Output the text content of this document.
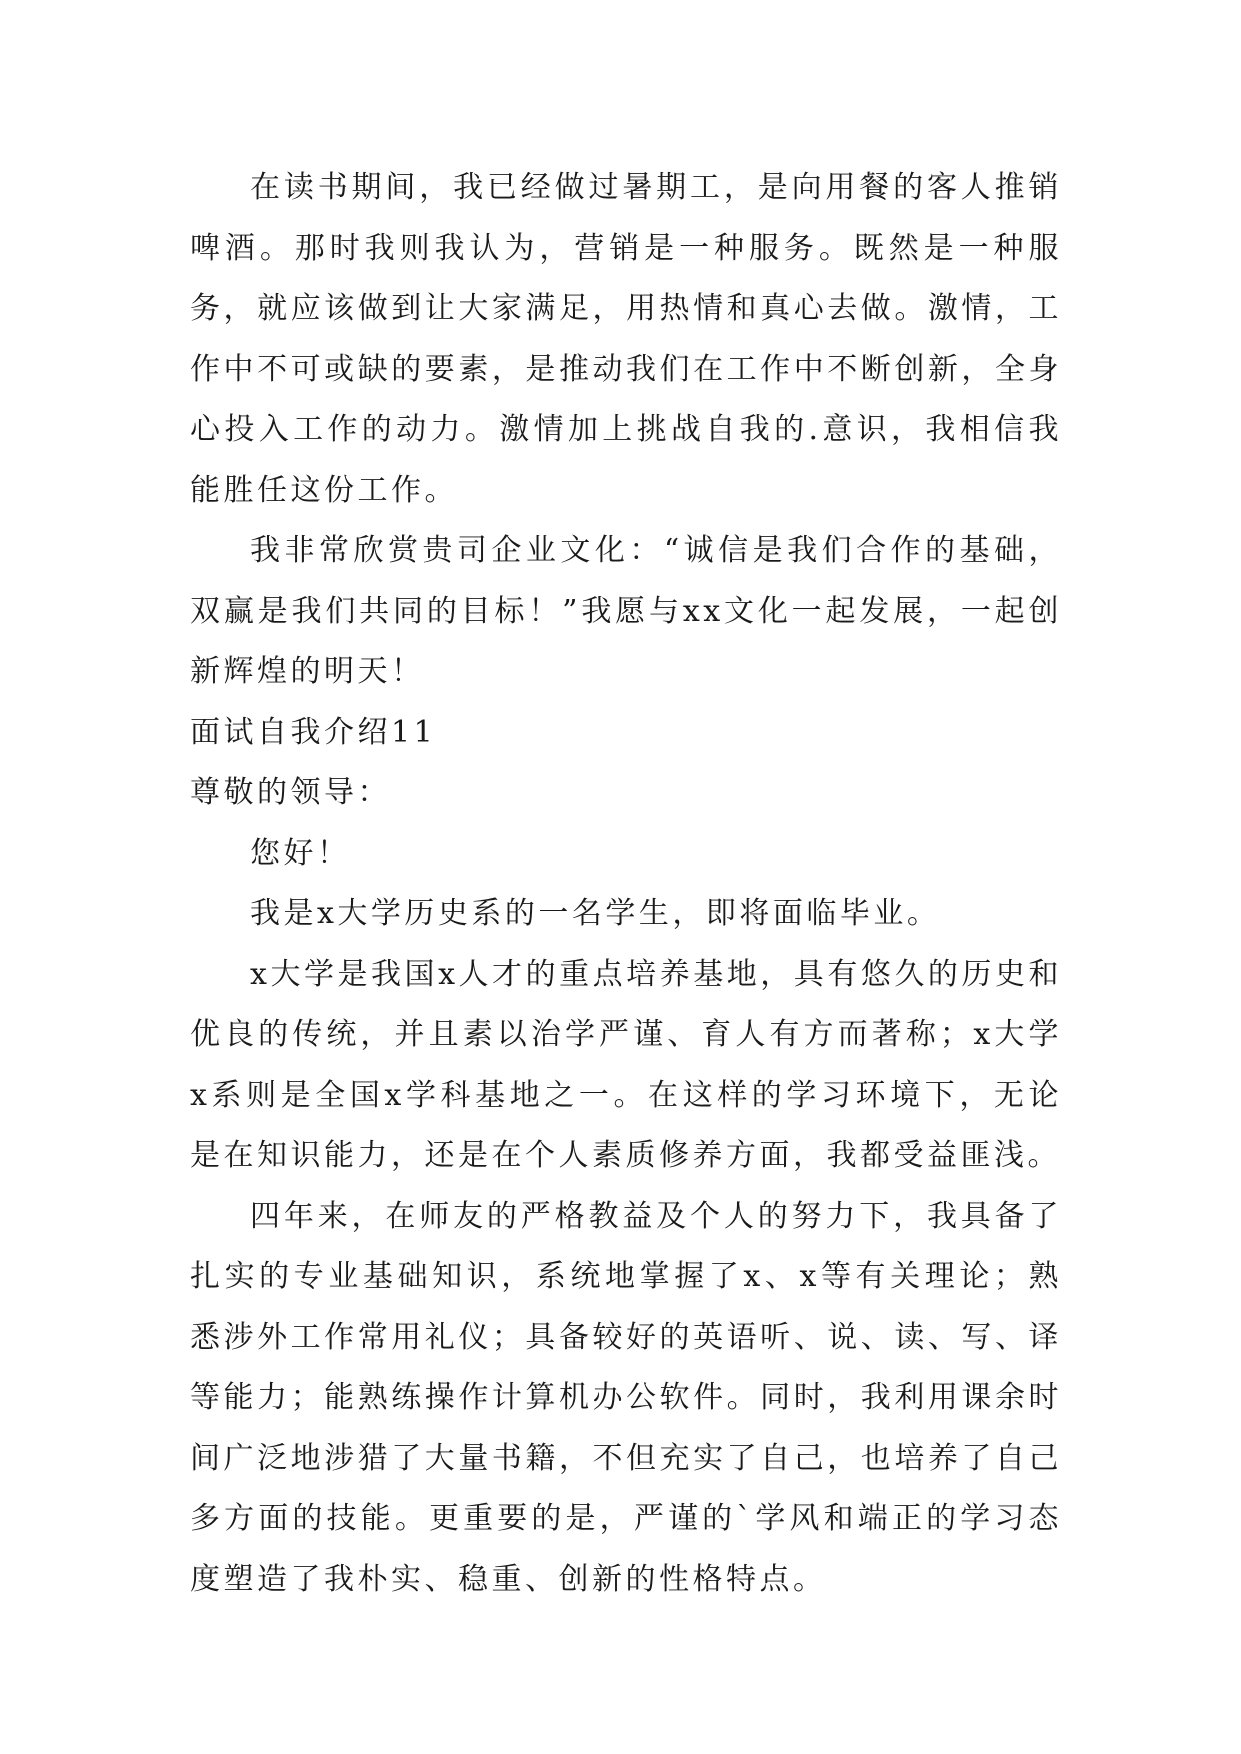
在读书期间，我已经做过暑期工，是向用餐的客人推销啤酒。那时我则我认为，营销是一种服务。既然是一种服务，就应该做到让大家满足，用热情和真心去做。激情，工作中不可或缺的要素，是推动我们在工作中不断创新，全身心投入工作的动力。激情加上挑战自我的.意识，我相信我能胜任这份工作。

我非常欣赏贵司企业文化：“诚信是我们合作的基础，双赢是我们共同的目标！”我愿与xx文化一起发展，一起创新辉煌的明天！

面试自我介绍11

尊敬的领导：

您好！

我是x大学历史系的一名学生，即将面临毕业。

x大学是我国x人才的重点培养基地，具有悠久的历史和优良的传统，并且素以治学严谨、育人有方而著称；x大学x系则是全国x学科基地之一。在这样的学习环境下，无论是在知识能力，还是在个人素质修养方面，我都受益匪浅。

四年来，在师友的严格教益及个人的努力下，我具备了扎实的专业基础知识，系统地掌握了x、x等有关理论；熟悉涉外工作常用礼仪；具备较好的英语听、说、读、写、译等能力；能熟练操作计算机办公软件。同时，我利用课余时间广泛地涉猎了大量书籍，不但充实了自己，也培养了自己多方面的技能。更重要的是，严谨的`学风和端正的学习态度塑造了我朴实、稳重、创新的性格特点。
